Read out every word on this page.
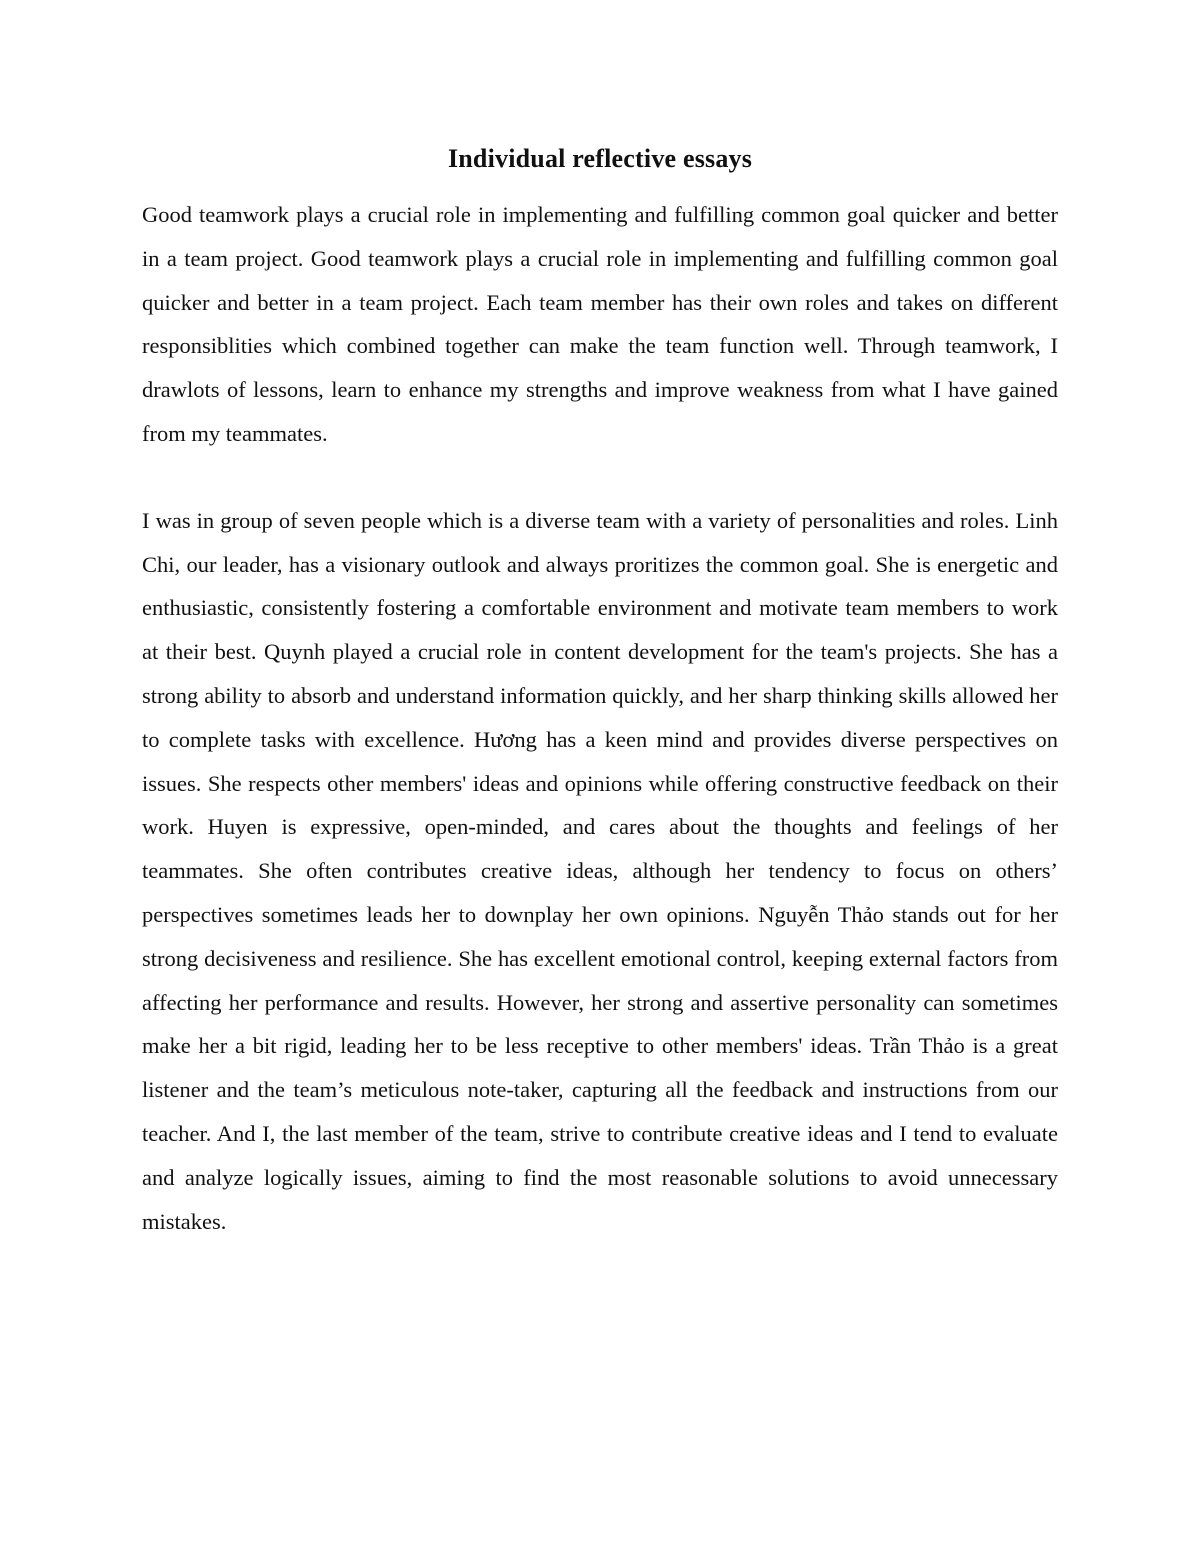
Individual reflective essays

Good teamwork plays a crucial role in implementing and fulfilling common goal quicker and better in a team project. Good teamwork plays a crucial role in implementing and fulfilling common goal quicker and better in a team project. Each team member has their own roles and takes on different responsiblities which combined together can make the team function well. Through teamwork, I drawlots of lessons, learn to enhance my strengths and improve weakness from what I have gained from my teammates.

I was in group of seven people which is a diverse team with a variety of personalities and roles. Linh Chi, our leader, has a visionary outlook and always proritizes the common goal. She is energetic and enthusiastic, consistently fostering a comfortable environment and motivate team members to work at their best. Quynh played a crucial role in content development for the team's projects. She has a strong ability to absorb and understand information quickly, and her sharp thinking skills allowed her to complete tasks with excellence. Hương has a keen mind and provides diverse perspectives on issues. She respects other members' ideas and opinions while offering constructive feedback on their work. Huyen is expressive, open-minded, and cares about the thoughts and feelings of her teammates. She often contributes creative ideas, although her tendency to focus on others’ perspectives sometimes leads her to downplay her own opinions. Nguyễn Thảo stands out for her strong decisiveness and resilience. She has excellent emotional control, keeping external factors from affecting her performance and results. However, her strong and assertive personality can sometimes make her a bit rigid, leading her to be less receptive to other members' ideas. Trần Thảo is a great listener and the team’s meticulous note-taker, capturing all the feedback and instructions from our teacher. And I, the last member of the team, strive to contribute creative ideas and I tend to evaluate and analyze logically issues, aiming to find the most reasonable solutions to avoid unnecessary mistakes.
